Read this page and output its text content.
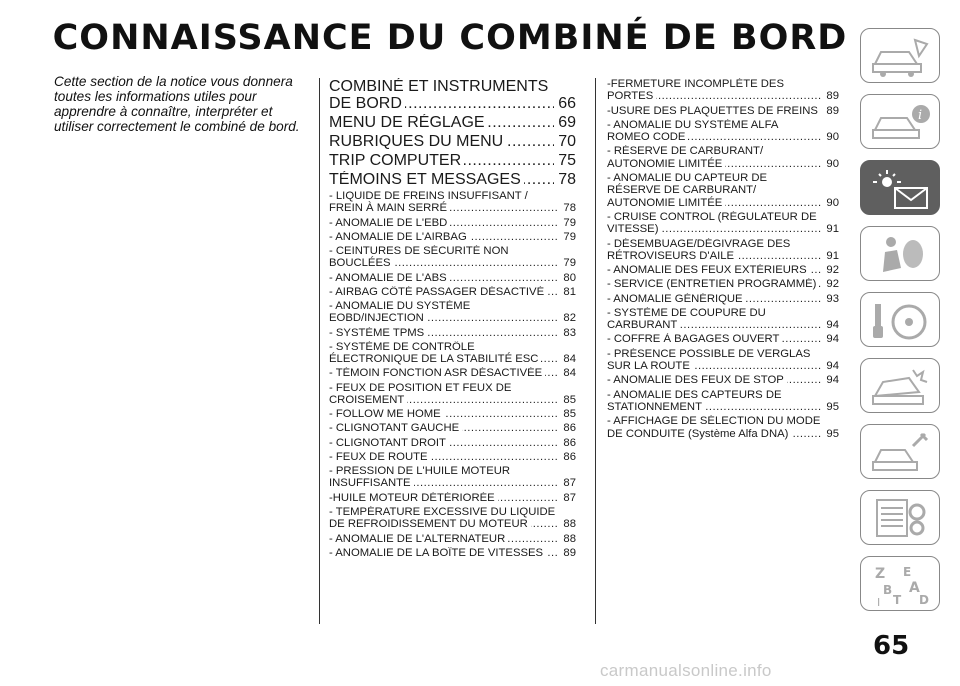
CONNAISSANCE DU COMBINÉ DE BORD
Cette section de la notice vous donnera toutes les informations utiles pour apprendre à connaître, interpréter et utiliser correctement le combiné de bord.
COMBINÉ ET INSTRUMENTS DE BORD .....	66
MENU DE RÉGLAGE .....	69
RUBRIQUES DU MENU .....	70
TRIP COMPUTER .....	75
TÉMOINS ET MESSAGES .....	78
- LIQUIDE DE FREINS INSUFFISANT / FREIN À MAIN SERRÉ .....	78
- ANOMALIE DE L'EBD .....	79
- ANOMALIE DE L'AIRBAG .....	79
- CEINTURES DE SÉCURITÉ NON BOUCLÉES .....	79
- ANOMALIE DE L'ABS .....	80
- AIRBAG CÔTÉ PASSAGER DÉSACTIVÉ .....	81
- ANOMALIE DU SYSTÈME EOBD/INJECTION .....	82
- SYSTÈME TPMS .....	83
- SYSTÈME DE CONTRÔLE ÉLECTRONIQUE DE LA STABILITÉ ESC .....	84
- TÉMOIN FONCTION ASR DÉSACTIVÉE .....	84
- FEUX DE POSITION ET FEUX DE CROISEMENT .....	85
- FOLLOW ME HOME .....	85
- CLIGNOTANT GAUCHE .....	86
- CLIGNOTANT DROIT .....	86
- FEUX DE ROUTE .....	86
- PRESSION DE L'HUILE MOTEUR INSUFFISANTE .....	87
-HUILE MOTEUR DÉTÉRIORÉE .....	87
- TEMPÉRATURE EXCESSIVE DU LIQUIDE DE REFROIDISSEMENT DU MOTEUR .....	88
- ANOMALIE DE L'ALTERNATEUR .....	88
- ANOMALIE DE LA BOÎTE DE VITESSES .....	89
-FERMETURE INCOMPLÈTE DES PORTES .....	89
-USURE DES PLAQUETTES DE FREINS ..... 89
- ANOMALIE DU SYSTÈME ALFA ROMEO CODE .....	90
- RÉSERVE DE CARBURANT/ AUTONOMIE LIMITÉE .....	90
- ANOMALIE DU CAPTEUR DE RÉSERVE DE CARBURANT/ AUTONOMIE LIMITÉE .....	90
- CRUISE CONTROL (RÉGULATEUR DE VITESSE) .....	91
- DÉSEMBUAGE/DÉGIVRAGE DES RÉTROVISEURS D'AILE .....	91
- ANOMALIE DES FEUX EXTÉRIEURS .....	92
- SERVICE (ENTRETIEN PROGRAMMÉ) ..... 92
- ANOMALIE GÉNÉRIQUE .....	93
- SYSTÈME DE COUPURE DU CARBURANT .....	94
- COFFRE À BAGAGES OUVERT .....	94
- PRÉSENCE POSSIBLE DE VERGLAS SUR LA ROUTE .....	94
- ANOMALIE DES FEUX DE STOP .....	94
- ANOMALIE DES CAPTEURS DE STATIONNEMENT .....	95
- AFFICHAGE DE SÉLECTION DU MODE DE CONDUITE (Système Alfa DNA) .....	95
i
Z E
A
B
T D
I
65
carmanualsonline.info
